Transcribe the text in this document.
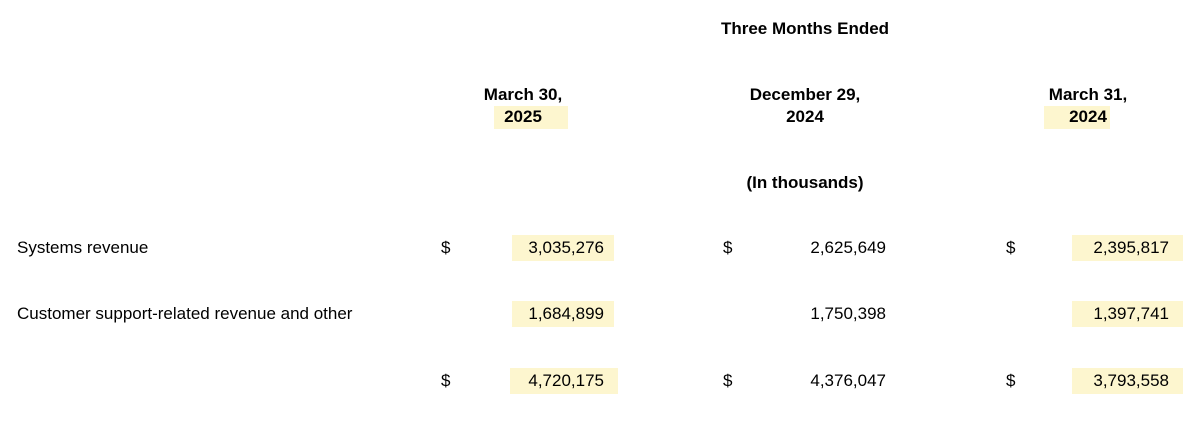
Three Months Ended
March 30,
2025
December 29,
2024
March 31,
2024
(In thousands)
Systems revenue	$	3,035,276	$	2,625,649	$	2,395,817
Customer support-related revenue and other	1,684,899	1,750,398	1,397,741
$	4,720,175	$	4,376,047	$	3,793,558
